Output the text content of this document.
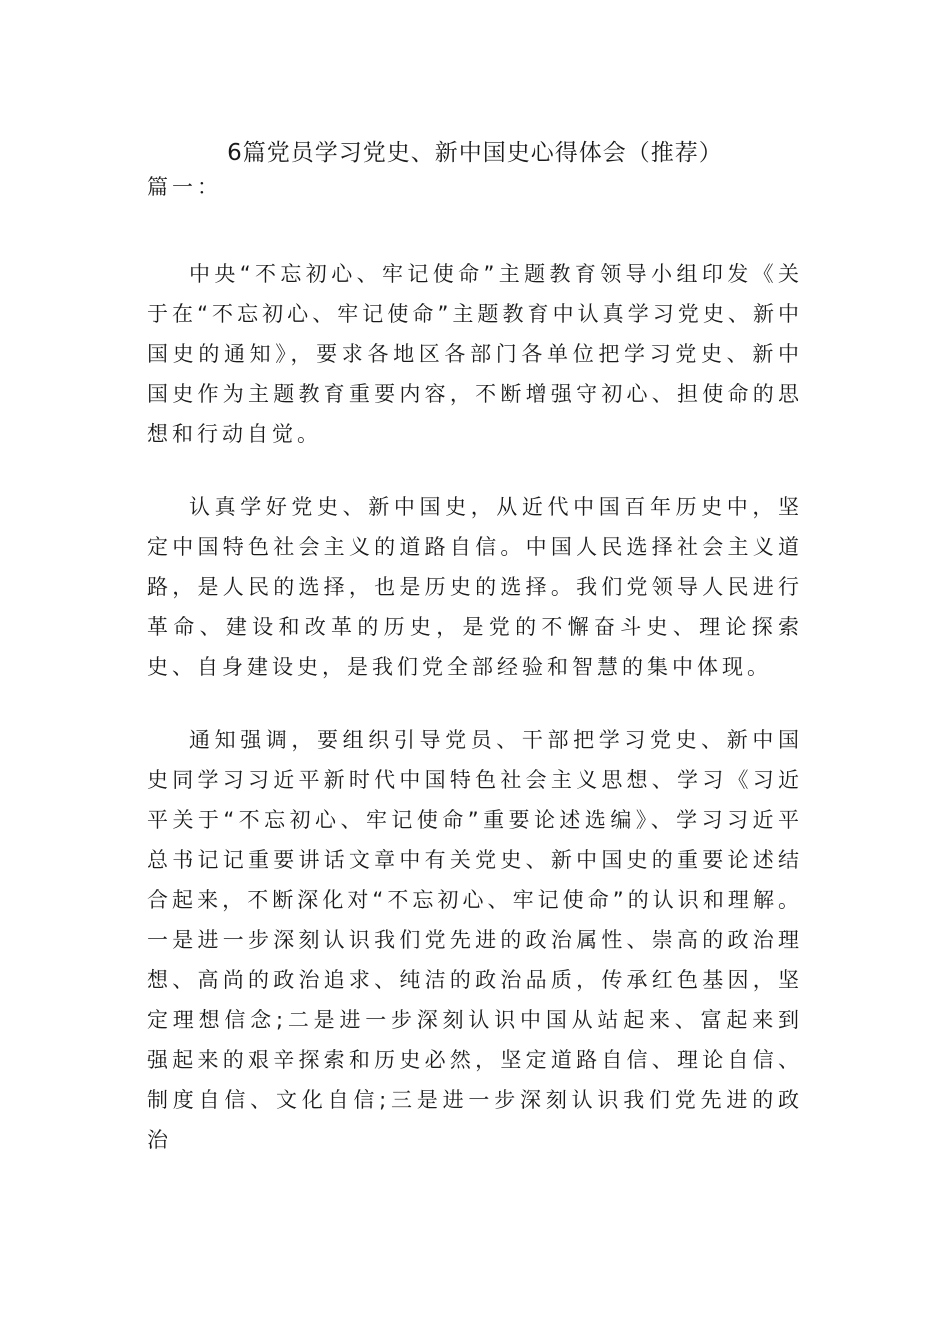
6篇党员学习党史、新中国史心得体会（推荐）

篇一：

中央“不忘初心、牢记使命”主题教育领导小组印发《关于在“不忘初心、牢记使命”主题教育中认真学习党史、新中国史的通知》，要求各地区各部门各单位把学习党史、新中国史作为主题教育重要内容，不断增强守初心、担使命的思想和行动自觉。

认真学好党史、新中国史，从近代中国百年历史中，坚定中国特色社会主义的道路自信。中国人民选择社会主义道路，是人民的选择，也是历史的选择。我们党领导人民进行革命、建设和改革的历史，是党的不懈奋斗史、理论探索史、自身建设史，是我们党全部经验和智慧的集中体现。

通知强调，要组织引导党员、干部把学习党史、新中国史同学习习近平新时代中国特色社会主义思想、学习《习近平关于“不忘初心、牢记使命”重要论述选编》、学习习近平总书记记重要讲话文章中有关党史、新中国史的重要论述结合起来，不断深化对“不忘初心、牢记使命”的认识和理解。一是进一步深刻认识我们党先进的政治属性、崇高的政治理想、高尚的政治追求、纯洁的政治品质，传承红色基因，坚定理想信念;二是进一步深刻认识中国从站起来、富起来到强起来的艰辛探索和历史必然，坚定道路自信、理论自信、制度自信、文化自信;三是进一步深刻认识我们党先进的政治
